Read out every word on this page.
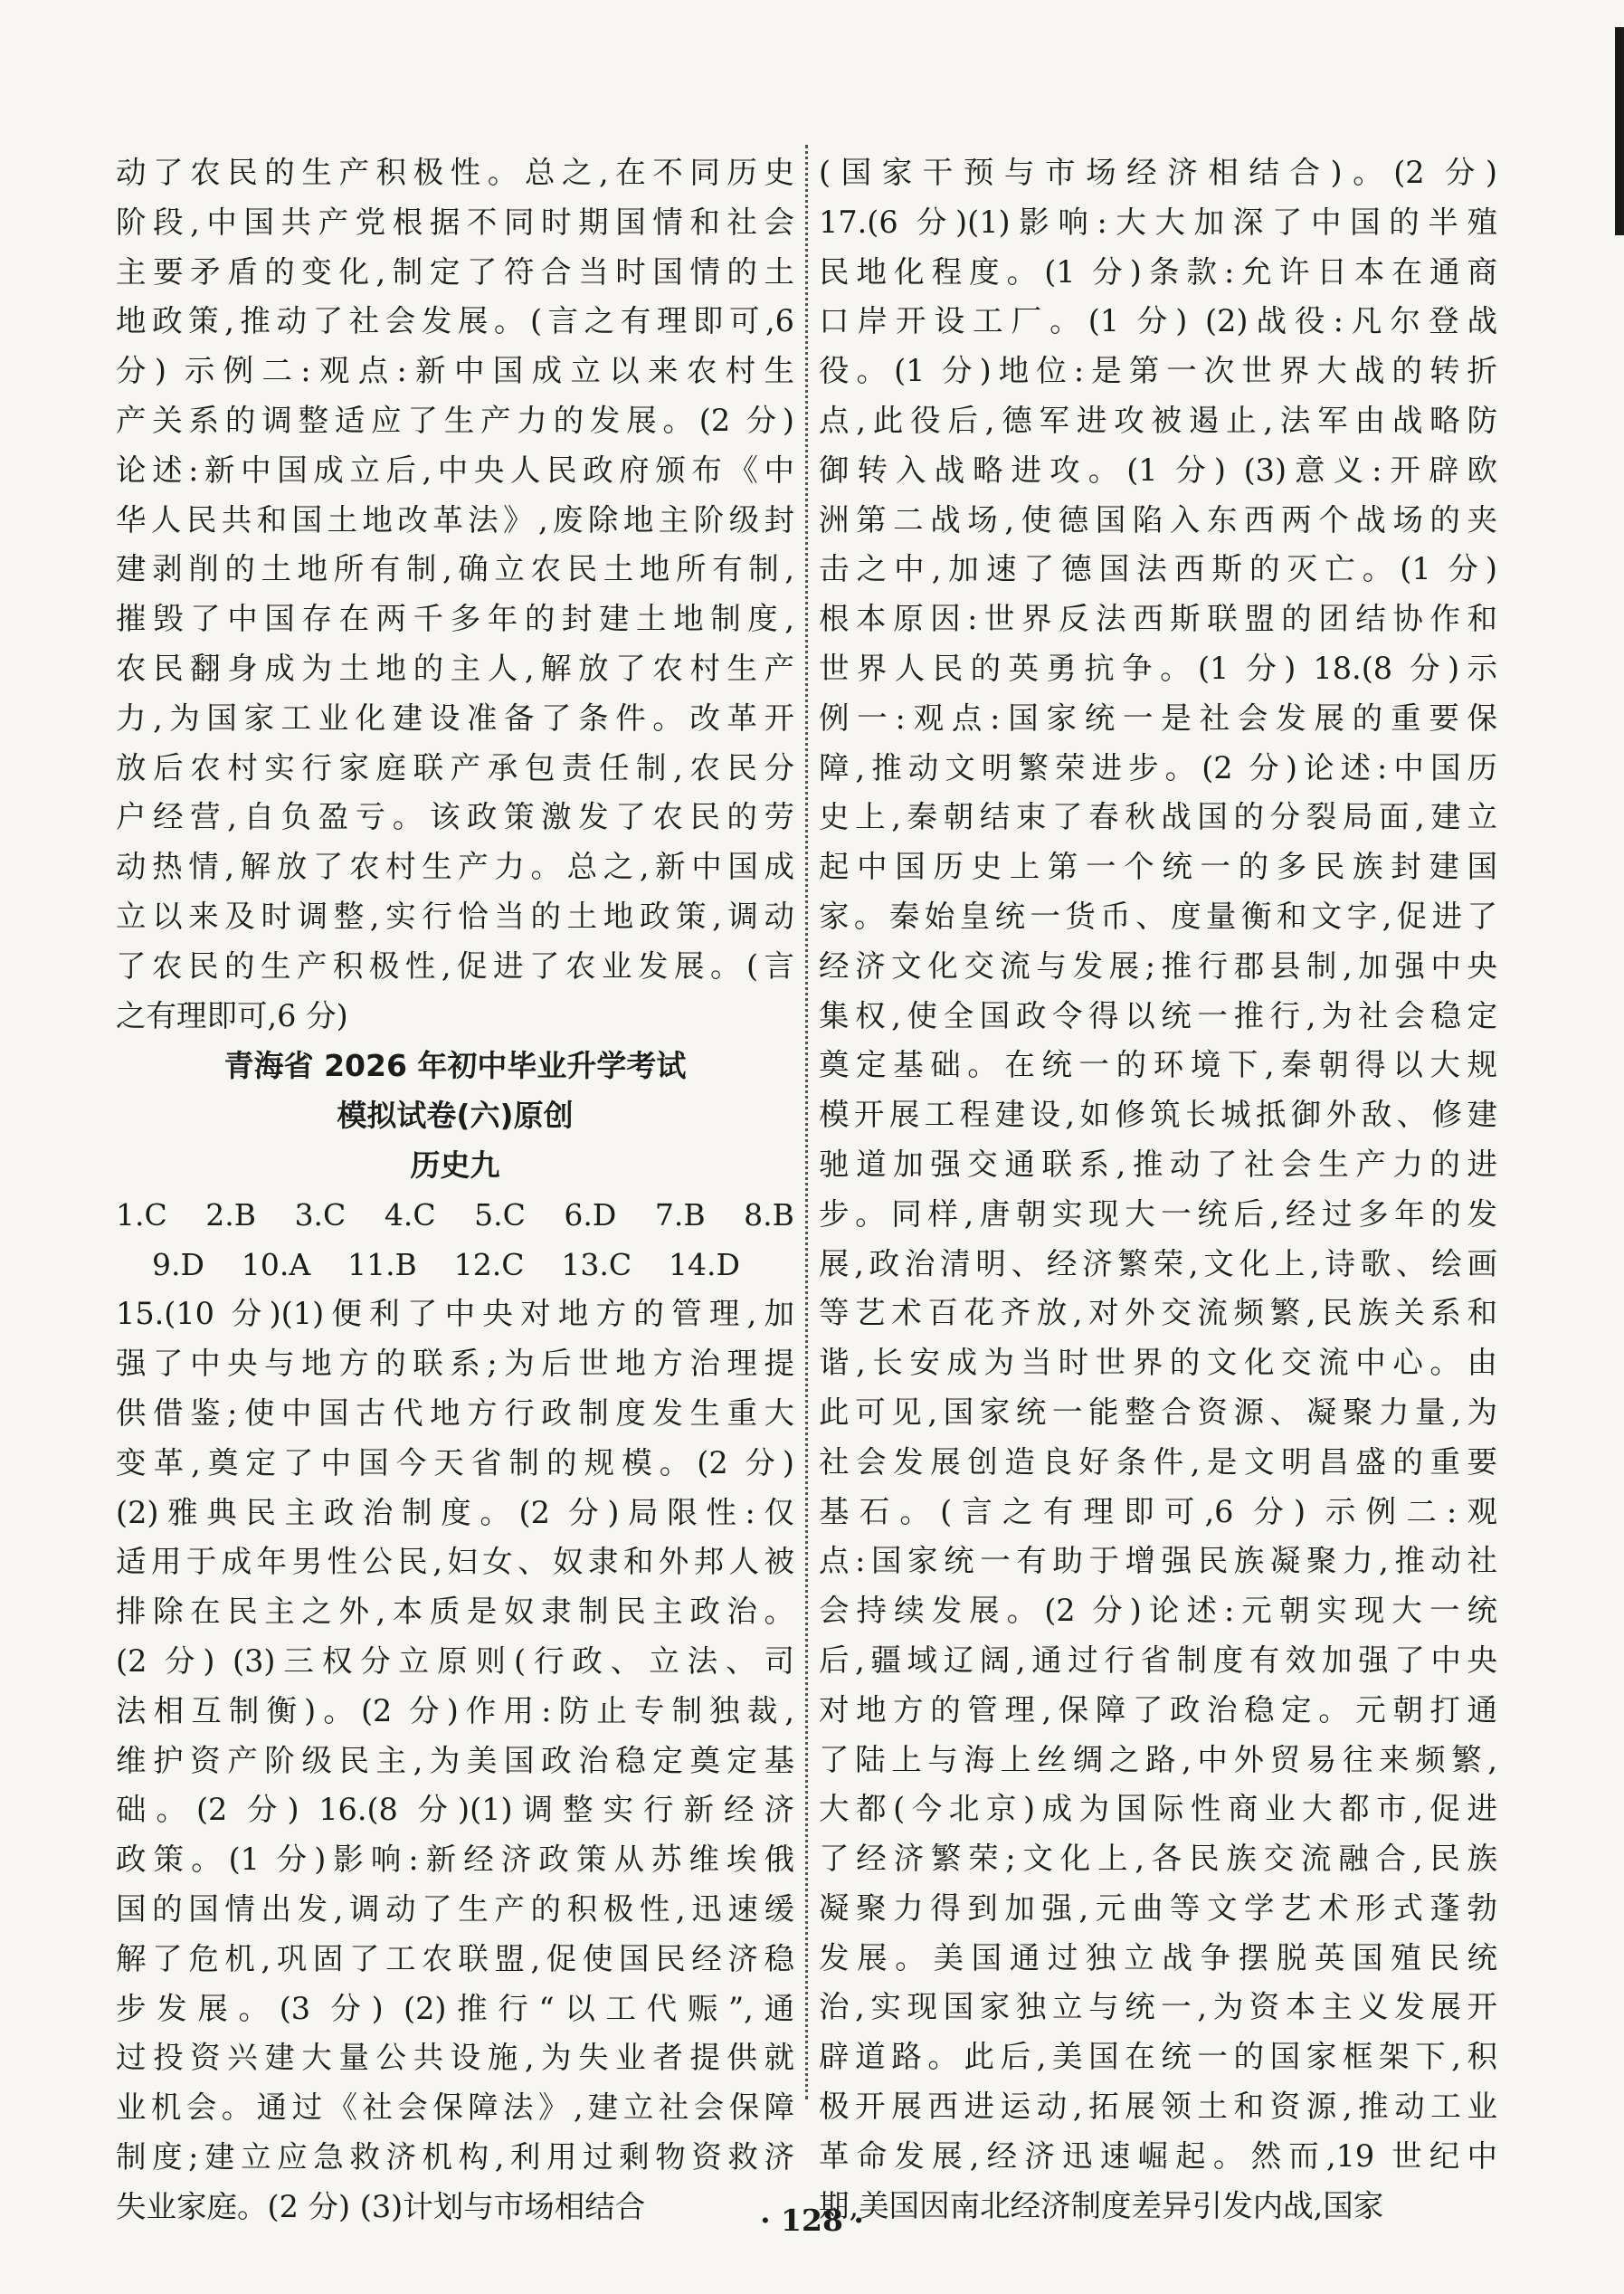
动了农民的生产积极性。总之,在不同历史

阶段,中国共产党根据不同时期国情和社会

主要矛盾的变化,制定了符合当时国情的土

地政策,推动了社会发展。(言之有理即可,6

分) 示例二:观点:新中国成立以来农村生

产关系的调整适应了生产力的发展。(2 分)

论述:新中国成立后,中央人民政府颁布《中

华人民共和国土地改革法》,废除地主阶级封

建剥削的土地所有制,确立农民土地所有制,

摧毁了中国存在两千多年的封建土地制度,

农民翻身成为土地的主人,解放了农村生产

力,为国家工业化建设准备了条件。改革开

放后农村实行家庭联产承包责任制,农民分

户经营,自负盈亏。该政策激发了农民的劳

动热情,解放了农村生产力。总之,新中国成

立以来及时调整,实行恰当的土地政策,调动

了农民的生产积极性,促进了农业发展。(言

之有理即可,6 分)

青海省 2026 年初中毕业升学考试
模拟试卷(六)原创
历史九
1.C 2.B 3.C 4.C 5.C 6.D 7.B 8.B
9.D 10.A 11.B 12.C 13.C 14.D

15.(10 分)(1)便利了中央对地方的管理,加

强了中央与地方的联系;为后世地方治理提

供借鉴;使中国古代地方行政制度发生重大

变革,奠定了中国今天省制的规模。(2 分)

(2)雅典民主政治制度。(2 分)局限性:仅

适用于成年男性公民,妇女、奴隶和外邦人被

排除在民主之外,本质是奴隶制民主政治。

(2 分) (3)三权分立原则(行政、立法、司

法相互制衡)。(2 分)作用:防止专制独裁,

维护资产阶级民主,为美国政治稳定奠定基

础。(2 分) 16.(8 分)(1)调整实行新经济

政策。(1 分)影响:新经济政策从苏维埃俄

国的国情出发,调动了生产的积极性,迅速缓

解了危机,巩固了工农联盟,促使国民经济稳

步发展。(3 分) (2)推行“以工代赈”,通

过投资兴建大量公共设施,为失业者提供就

业机会。通过《社会保障法》,建立社会保障

制度;建立应急救济机构,利用过剩物资救济

失业家庭。(2 分) (3)计划与市场相结合

(国家干预与市场经济相结合)。(2 分)

17.(6 分)(1)影响:大大加深了中国的半殖

民地化程度。(1 分)条款:允许日本在通商

口岸开设工厂。(1 分) (2)战役:凡尔登战

役。(1 分)地位:是第一次世界大战的转折

点,此役后,德军进攻被遏止,法军由战略防

御转入战略进攻。(1 分) (3)意义:开辟欧

洲第二战场,使德国陷入东西两个战场的夹

击之中,加速了德国法西斯的灭亡。(1 分)

根本原因:世界反法西斯联盟的团结协作和

世界人民的英勇抗争。(1 分) 18.(8 分)示

例一:观点:国家统一是社会发展的重要保

障,推动文明繁荣进步。(2 分)论述:中国历

史上,秦朝结束了春秋战国的分裂局面,建立

起中国历史上第一个统一的多民族封建国

家。秦始皇统一货币、度量衡和文字,促进了

经济文化交流与发展;推行郡县制,加强中央

集权,使全国政令得以统一推行,为社会稳定

奠定基础。在统一的环境下,秦朝得以大规

模开展工程建设,如修筑长城抵御外敌、修建

驰道加强交通联系,推动了社会生产力的进

步。同样,唐朝实现大一统后,经过多年的发

展,政治清明、经济繁荣,文化上,诗歌、绘画

等艺术百花齐放,对外交流频繁,民族关系和

谐,长安成为当时世界的文化交流中心。由

此可见,国家统一能整合资源、凝聚力量,为

社会发展创造良好条件,是文明昌盛的重要

基石。(言之有理即可,6 分) 示例二:观

点:国家统一有助于增强民族凝聚力,推动社

会持续发展。(2 分)论述:元朝实现大一统

后,疆域辽阔,通过行省制度有效加强了中央

对地方的管理,保障了政治稳定。元朝打通

了陆上与海上丝绸之路,中外贸易往来频繁,

大都(今北京)成为国际性商业大都市,促进

了经济繁荣;文化上,各民族交流融合,民族

凝聚力得到加强,元曲等文学艺术形式蓬勃

发展。美国通过独立战争摆脱英国殖民统

治,实现国家独立与统一,为资本主义发展开

辟道路。此后,美国在统一的国家框架下,积

极开展西进运动,拓展领土和资源,推动工业

革命发展,经济迅速崛起。然而,19 世纪中

期,美国因南北经济制度差异引发内战,国家

· 128 ·
